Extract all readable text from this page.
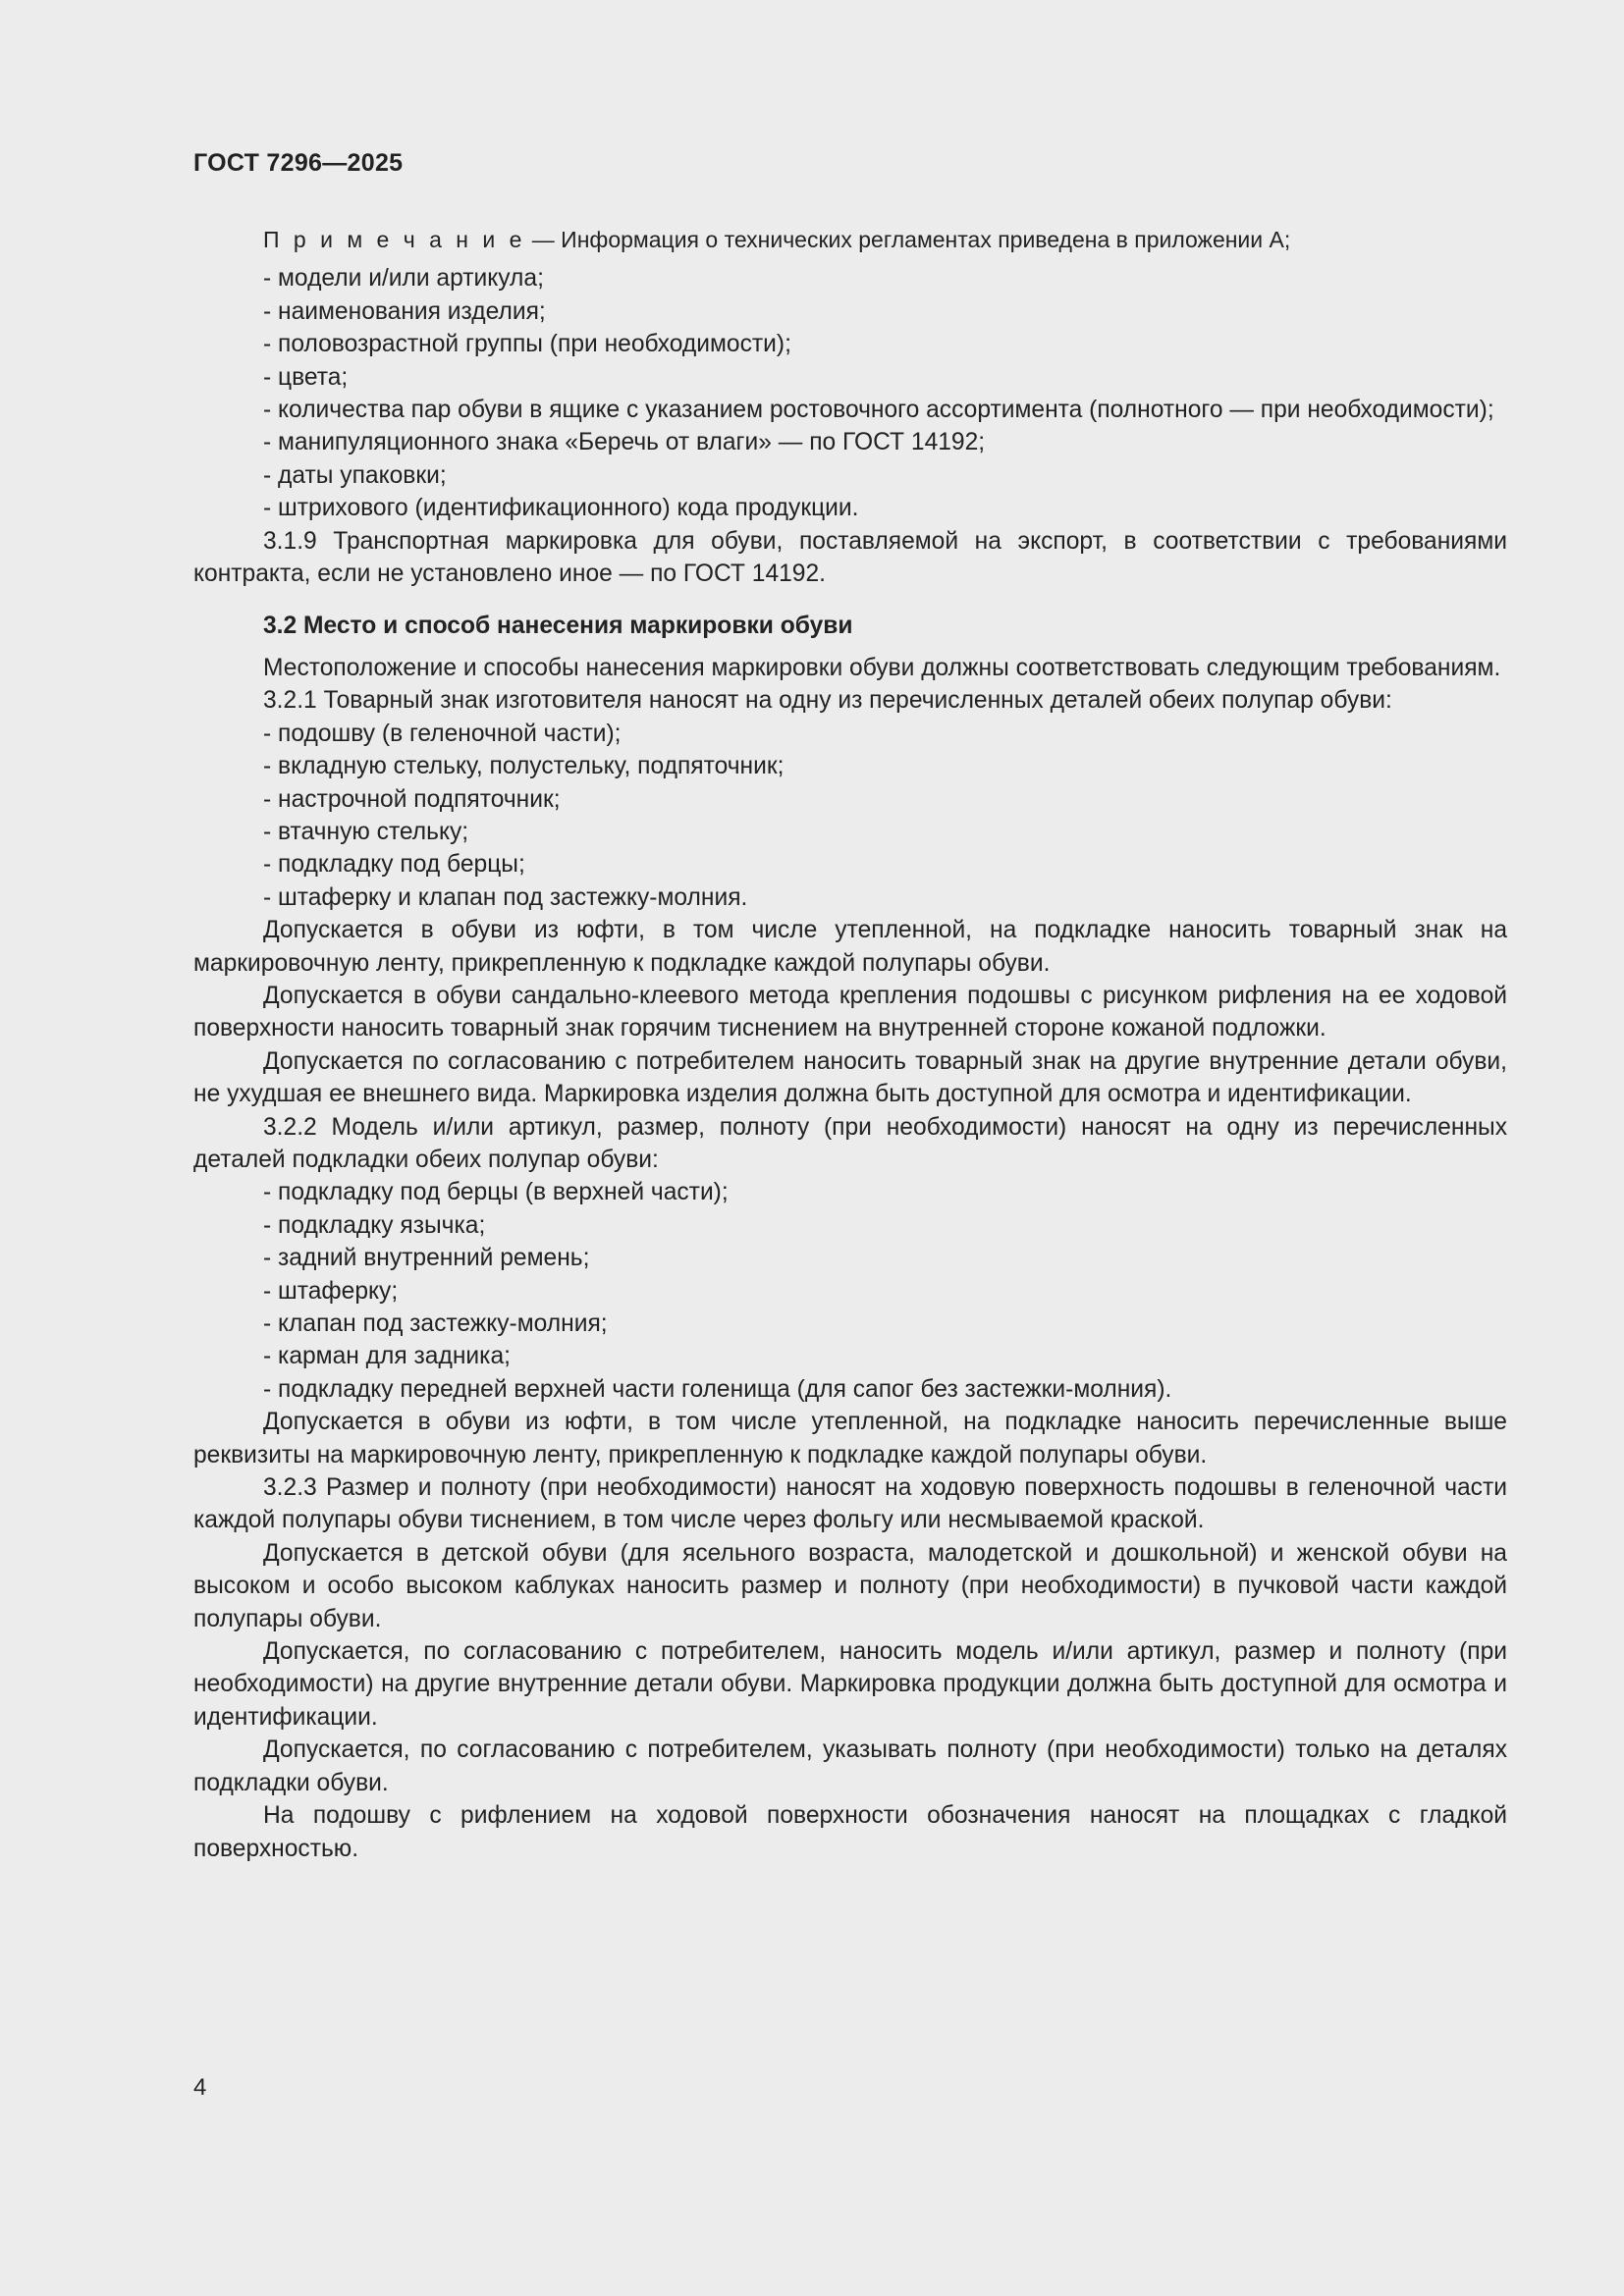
ГОСТ 7296—2025

П р и м е ч а н и е — Информация о технических регламентах приведена в приложении А;

- модели и/или артикула;

- наименования изделия;

- половозрастной группы (при необходимости);

- цвета;

- количества пар обуви в ящике с указанием ростовочного ассортимента (полнотного — при необходимости);

- манипуляционного знака «Беречь от влаги» — по ГОСТ 14192;

- даты упаковки;

- штрихового (идентификационного) кода продукции.

3.1.9 Транспортная маркировка для обуви, поставляемой на экспорт, в соответствии с требованиями контракта, если не установлено иное — по ГОСТ 14192.

3.2 Место и способ нанесения маркировки обуви

Местоположение и способы нанесения маркировки обуви должны соответствовать следующим требованиям.

3.2.1 Товарный знак изготовителя наносят на одну из перечисленных деталей обеих полупар обуви:

- подошву (в геленочной части);

- вкладную стельку, полустельку, подпяточник;

- настрочной подпяточник;

- втачную стельку;

- подкладку под берцы;

- штаферку и клапан под застежку-молния.

Допускается в обуви из юфти, в том числе утепленной, на подкладке наносить товарный знак на маркировочную ленту, прикрепленную к подкладке каждой полупары обуви.

Допускается в обуви сандально-клеевого метода крепления подошвы с рисунком рифления на ее ходовой поверхности наносить товарный знак горячим тиснением на внутренней стороне кожаной подложки.

Допускается по согласованию с потребителем наносить товарный знак на другие внутренние детали обуви, не ухудшая ее внешнего вида. Маркировка изделия должна быть доступной для осмотра и идентификации.

3.2.2 Модель и/или артикул, размер, полноту (при необходимости) наносят на одну из перечисленных деталей подкладки обеих полупар обуви:

- подкладку под берцы (в верхней части);

- подкладку язычка;

- задний внутренний ремень;

- штаферку;

- клапан под застежку-молния;

- карман для задника;

- подкладку передней верхней части голенища (для сапог без застежки-молния).

Допускается в обуви из юфти, в том числе утепленной, на подкладке наносить перечисленные выше реквизиты на маркировочную ленту, прикрепленную к подкладке каждой полупары обуви.

3.2.3 Размер и полноту (при необходимости) наносят на ходовую поверхность подошвы в геленочной части каждой полупары обуви тиснением, в том числе через фольгу или несмываемой краской.

Допускается в детской обуви (для ясельного возраста, малодетской и дошкольной) и женской обуви на высоком и особо высоком каблуках наносить размер и полноту (при необходимости) в пучковой части каждой полупары обуви.

Допускается, по согласованию с потребителем, наносить модель и/или артикул, размер и полноту (при необходимости) на другие внутренние детали обуви. Маркировка продукции должна быть доступной для осмотра и идентификации.

Допускается, по согласованию с потребителем, указывать полноту (при необходимости) только на деталях подкладки обуви.

На подошву с рифлением на ходовой поверхности обозначения наносят на площадках с гладкой поверхностью.

4
